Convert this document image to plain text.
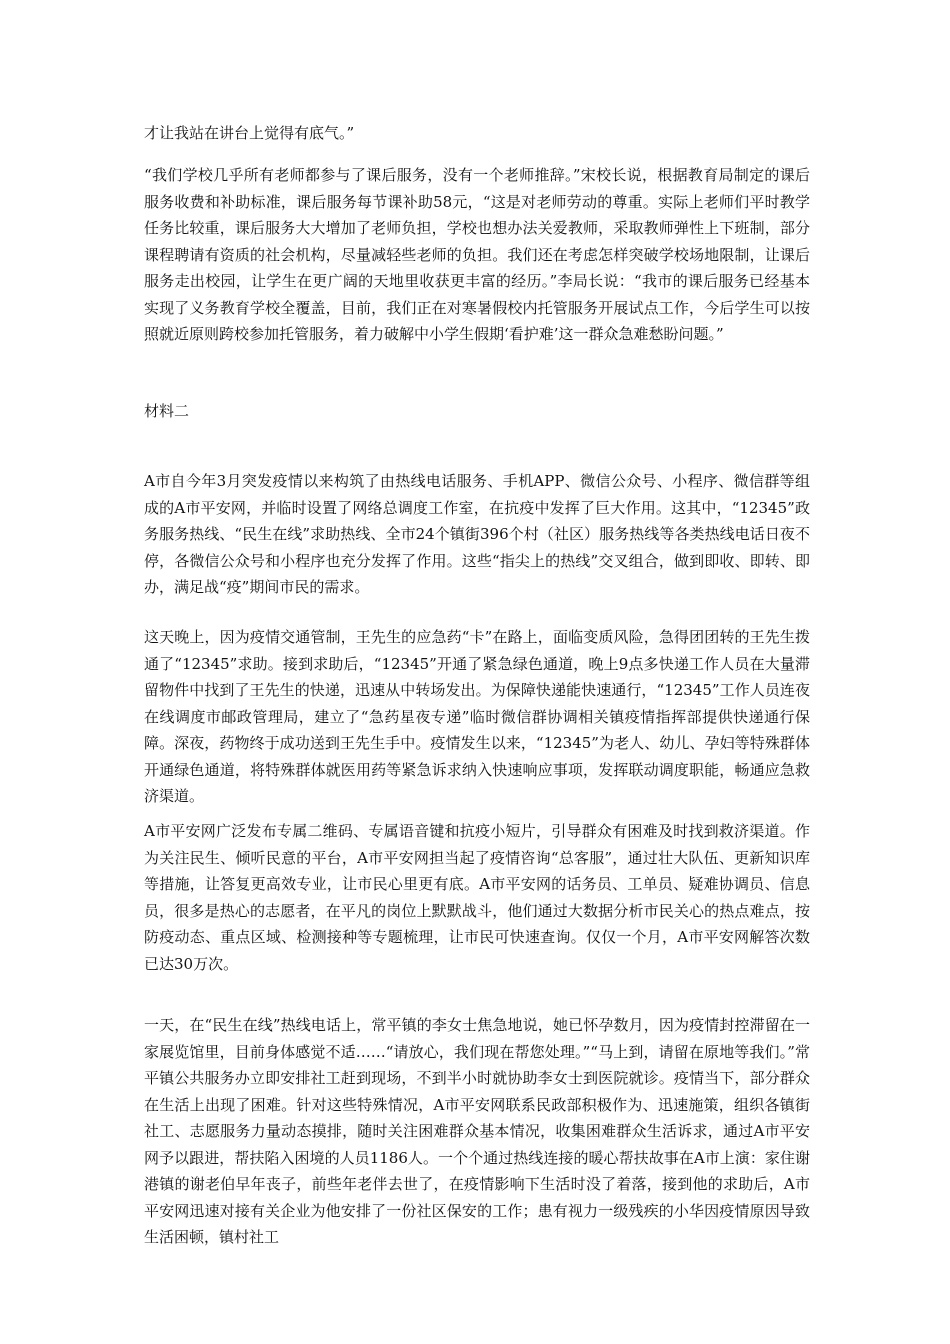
才让我站在讲台上觉得有底气。”

“我们学校几乎所有老师都参与了课后服务，没有一个老师推辞。”宋校长说，根据教育局制定的课后服务收费和补助标准，课后服务每节课补助58元，“这是对老师劳动的尊重。实际上老师们平时教学任务比较重，课后服务大大增加了老师负担，学校也想办法关爱教师，采取教师弹性上下班制，部分课程聘请有资质的社会机构，尽量减轻些老师的负担。我们还在考虑怎样突破学校场地限制，让课后服务走出校园，让学生在更广阔的天地里收获更丰富的经历。”李局长说：“我市的课后服务已经基本实现了义务教育学校全覆盖，目前，我们正在对寒暑假校内托管服务开展试点工作，今后学生可以按照就近原则跨校参加托管服务，着力破解中小学生假期‘看护难’这一群众急难愁盼问题。”

材料二

A市自今年3月突发疫情以来构筑了由热线电话服务、手机APP、微信公众号、小程序、微信群等组成的A市平安网，并临时设置了网络总调度工作室，在抗疫中发挥了巨大作用。这其中，“12345”政务服务热线、“民生在线”求助热线、全市24个镇街396个村（社区）服务热线等各类热线电话日夜不停，各微信公众号和小程序也充分发挥了作用。这些“指尖上的热线”交叉组合，做到即收、即转、即办，满足战“疫”期间市民的需求。

这天晚上，因为疫情交通管制，王先生的应急药“卡”在路上，面临变质风险，急得团团转的王先生拨通了“12345”求助。接到求助后，“12345”开通了紧急绿色通道，晚上9点多快递工作人员在大量滞留物件中找到了王先生的快递，迅速从中转场发出。为保障快递能快速通行，“12345”工作人员连夜在线调度市邮政管理局，建立了“急药星夜专递”临时微信群协调相关镇疫情指挥部提供快递通行保障。深夜，药物终于成功送到王先生手中。疫情发生以来，“12345”为老人、幼儿、孕妇等特殊群体开通绿色通道，将特殊群体就医用药等紧急诉求纳入快速响应事项，发挥联动调度职能，畅通应急救济渠道。

A市平安网广泛发布专属二维码、专属语音键和抗疫小短片，引导群众有困难及时找到救济渠道。作为关注民生、倾听民意的平台，A市平安网担当起了疫情咨询“总客服”，通过壮大队伍、更新知识库等措施，让答复更高效专业，让市民心里更有底。A市平安网的话务员、工单员、疑难协调员、信息员，很多是热心的志愿者，在平凡的岗位上默默战斗，他们通过大数据分析市民关心的热点难点，按防疫动态、重点区域、检测接种等专题梳理，让市民可快速查询。仅仅一个月，A市平安网解答次数已达30万次。

一天，在“民生在线”热线电话上，常平镇的李女士焦急地说，她已怀孕数月，因为疫情封控滞留在一家展览馆里，目前身体感觉不适……“请放心，我们现在帮您处理。”“马上到，请留在原地等我们。”常平镇公共服务办立即安排社工赶到现场，不到半小时就协助李女士到医院就诊。疫情当下，部分群众在生活上出现了困难。针对这些特殊情况，A市平安网联系民政部积极作为、迅速施策，组织各镇街社工、志愿服务力量动态摸排，随时关注困难群众基本情况，收集困难群众生活诉求，通过A市平安网予以跟进，帮扶陷入困境的人员1186人。一个个通过热线连接的暖心帮扶故事在A市上演：家住谢港镇的谢老伯早年丧子，前些年老伴去世了，在疫情影响下生活时没了着落，接到他的求助后，A市平安网迅速对接有关企业为他安排了一份社区保安的工作；患有视力一级残疾的小华因疫情原因导致生活困顿，镇村社工
